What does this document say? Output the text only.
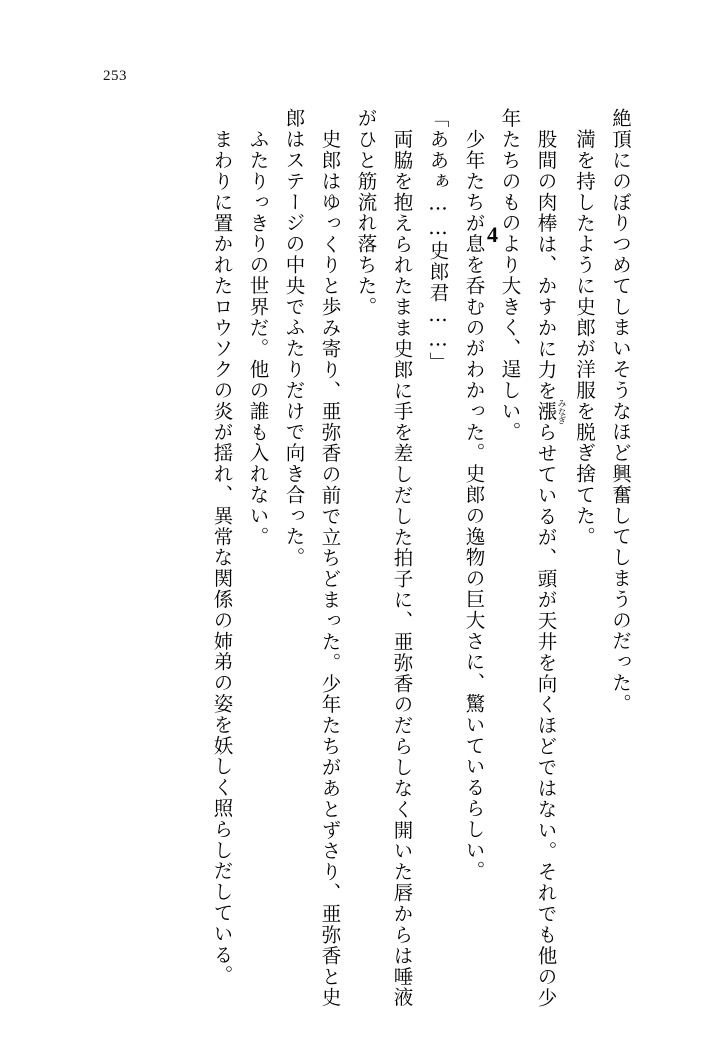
253
4	絶頂にのぼりつめてしまいそうなほど興奮してしまうのだった。

満を持したように史郎が洋服を脱ぎ捨てた。

股間の肉棒は、かすかに力を漲みなぎらせているが、頭が天井を向くほどではない。それでも他の少年たちのものより大きく、逞しい。

少年たちが息を呑むのがわかった。史郎の逸物の巨大さに、驚いているらしい。

「ああぁ……史郎君……」

両脇を抱えられたまま史郎に手を差しだした拍子に、亜弥香のだらしなく開いた唇からは唾液がひと筋流れ落ちた。

史郎はゆっくりと歩み寄り、亜弥香の前で立ちどまった。少年たちがあとずさり、亜弥香と史郎はステージの中央でふたりだけで向き合った。

ふたりっきりの世界だ。他の誰も入れない。

まわりに置かれたロウソクの炎が揺れ、異常な関係の姉弟の姿を妖しく照らしだしている。
